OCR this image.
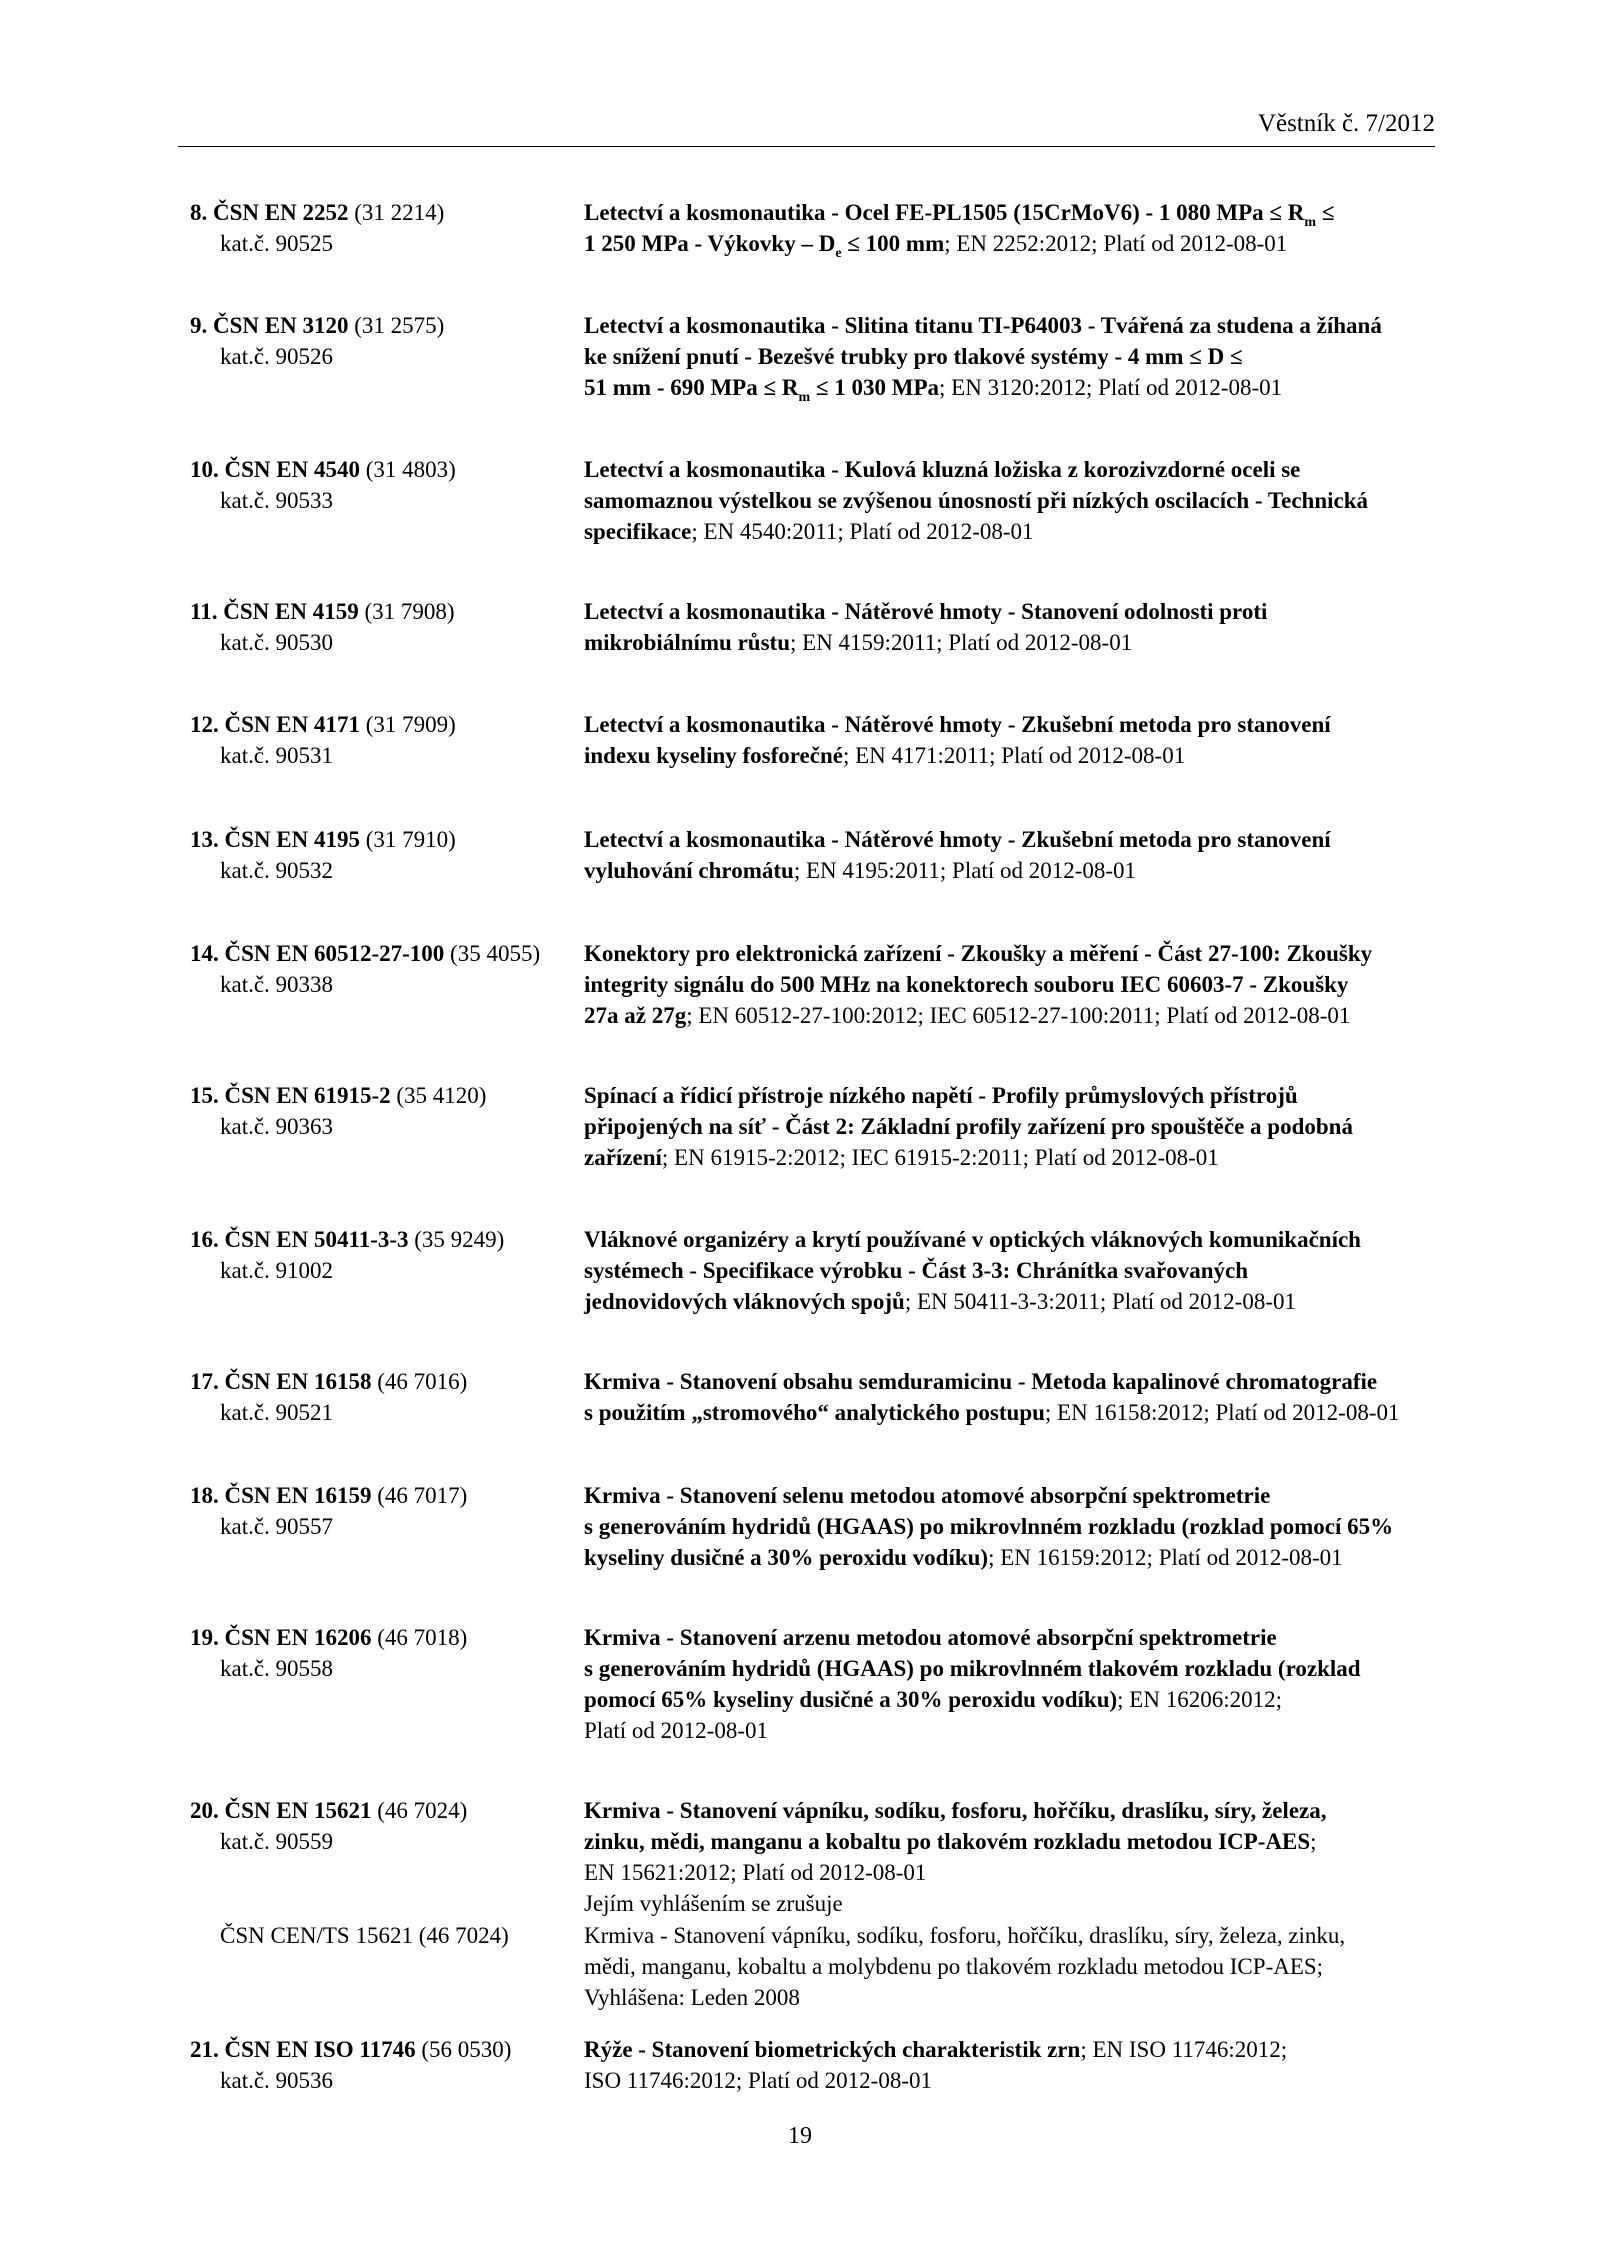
Věstník č. 7/2012
8. ČSN EN 2252 (31 2214)
kat.č. 90525
Letectví a kosmonautika - Ocel FE-PL1505 (15CrMoV6) - 1 080 MPa ≤ $R_m$ ≤
1 250 MPa - Výkovky – $D_e \le 100$ mm; EN 2252:2012; Platí od 2012-08-01
9. ČSN EN 3120 (31 2575)
kat.č. 90526
Letectví a kosmonautika - Slitina titanu TI-P64003 - Tvářená za studena a žíhaná
ke snížení pnutí - Bezešvé trubky pro tlakové systémy - 4 mm ≤ D ≤
51 mm - 690 MPa ≤ $R_m \le 1$ 030 MPa; EN 3120:2012; Platí od 2012-08-01
10. ČSN EN 4540 (31 4803)
kat.č. 90533
Letectví a kosmonautika - Kulová kluzná ložiska z korozivzdorné oceli se
samomaznou výstelkou se zvýšenou únosností při nízkých oscilacích - Technická
specifikace; EN 4540:2011; Platí od 2012-08-01
11. ČSN EN 4159 (31 7908)
kat.č. 90530
Letectví a kosmonautika - Nátěrové hmoty - Stanovení odolnosti proti
mikrobiálnímu růstu; EN 4159:2011; Platí od 2012-08-01
12. ČSN EN 4171 (31 7909)
kat.č. 90531
Letectví a kosmonautika - Nátěrové hmoty - Zkušební metoda pro stanovení
indexu kyseliny fosforečné; EN 4171:2011; Platí od 2012-08-01
13. ČSN EN 4195 (31 7910)
kat.č. 90532
Letectví a kosmonautika - Nátěrové hmoty - Zkušební metoda pro stanovení
vyluhování chromátu; EN 4195:2011; Platí od 2012-08-01
14. ČSN EN 60512-27-100 (35 4055)
kat.č. 90338
Konektory pro elektronická zařízení - Zkoušky a měření - Část 27-100: Zkoušky
integrity signálu do 500 MHz na konektorech souboru IEC 60603-7 - Zkoušky
27a až 27g; EN 60512-27-100:2012; IEC 60512-27-100:2011; Platí od 2012-08-01
15. ČSN EN 61915-2 (35 4120)
kat.č. 90363
Spínací a řídicí přístroje nízkého napětí - Profily průmyslových přístrojů
připojených na síť - Část 2: Základní profily zařízení pro spouštěče a podobná
zařízení; EN 61915-2:2012; IEC 61915-2:2011; Platí od 2012-08-01
16. ČSN EN 50411-3-3 (35 9249)
kat.č. 91002
Vláknové organizéry a krytí používané v optických vláknových komunikačních
systémech - Specifikace výrobku - Část 3-3: Chránítka svařovaných
jednovidových vláknových spojů; EN 50411-3-3:2011; Platí od 2012-08-01
17. ČSN EN 16158 (46 7016)
kat.č. 90521
Krmiva - Stanovení obsahu semduramicinu - Metoda kapalinové chromatografie
s použitím „stromového“ analytického postupu; EN 16158:2012; Platí od 2012-08-01
18. ČSN EN 16159 (46 7017)
kat.č. 90557
Krmiva - Stanovení selenu metodou atomové absorpční spektrometrie
s generováním hydridů (HGAAS) po mikrovlnném rozkladu (rozklad pomocí 65%
kyseliny dusičné a 30% peroxidu vodíku); EN 16159:2012; Platí od 2012-08-01
19. ČSN EN 16206 (46 7018)
kat.č. 90558
Krmiva - Stanovení arzenu metodou atomové absorpční spektrometrie
s generováním hydridů (HGAAS) po mikrovlnném tlakovém rozkladu (rozklad
pomocí 65% kyseliny dusičné a 30% peroxidu vodíku); EN 16206:2012;
Platí od 2012-08-01
20. ČSN EN 15621 (46 7024)
kat.č. 90559
Krmiva - Stanovení vápníku, sodíku, fosforu, hořčíku, draslíku, síry, železa,
zinku, mědi, manganu a kobaltu po tlakovém rozkladu metodou ICP-AES;
EN 15621:2012; Platí od 2012-08-01
Jejím vyhlášením se zrušuje
ČSN CEN/TS 15621 (46 7024)	Krmiva - Stanovení vápníku, sodíku, fosforu, hořčíku, draslíku, síry, železa, zinku,
mědi, manganu, kobaltu a molybdenu po tlakovém rozkladu metodou ICP-AES;
Vyhlášena: Leden 2008
21. ČSN EN ISO 11746 (56 0530)
kat.č. 90536
Rýže - Stanovení biometrických charakteristik zrn; EN ISO 11746:2012;
ISO 11746:2012; Platí od 2012-08-01
19
